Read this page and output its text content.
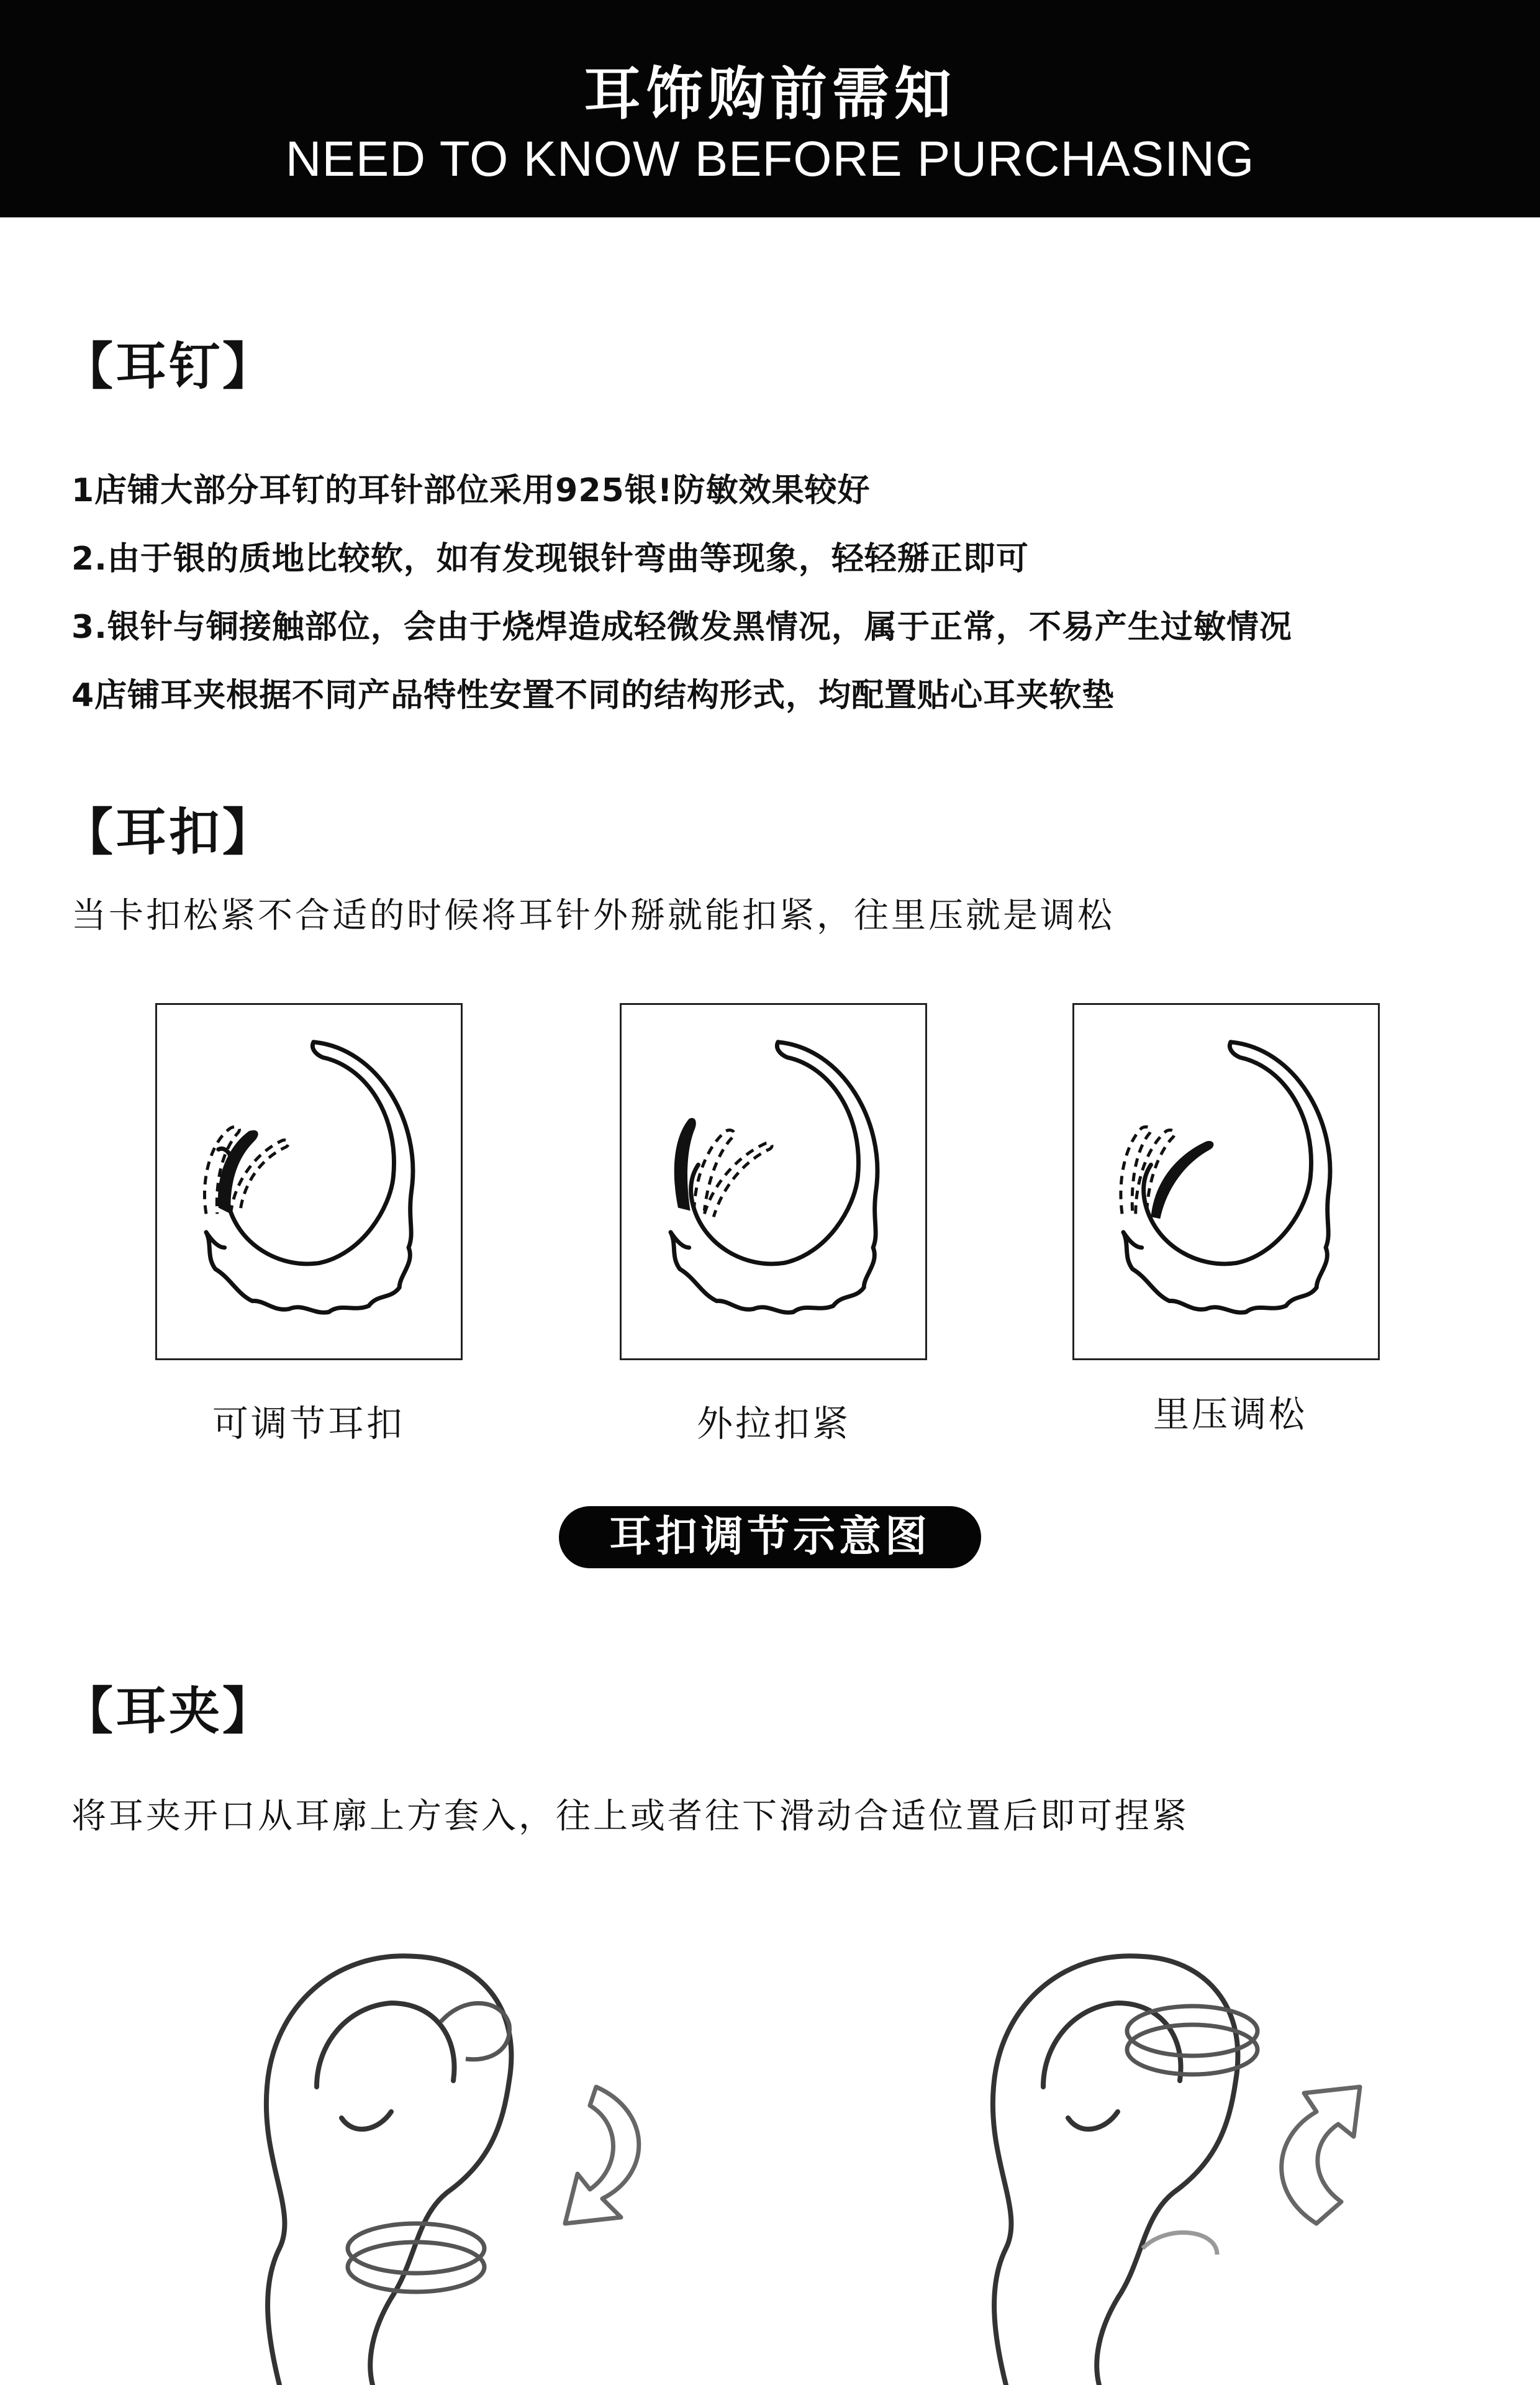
耳饰购前需知
NEED TO KNOW BEFORE PURCHASING
【耳钉】
1店铺大部分耳钉的耳针部位采用925银!防敏效果较好
2.由于银的质地比较软，如有发现银针弯曲等现象，轻轻掰正即可
3.银针与铜接触部位，会由于烧焊造成轻微发黑情况，属于正常，不易产生过敏情况
4店铺耳夹根据不同产品特性安置不同的结构形式，均配置贴心耳夹软垫
【耳扣】
当卡扣松紧不合适的时候将耳针外掰就能扣紧，往里压就是调松
可调节耳扣	外拉扣紧	里压调松
耳扣调节示意图
【耳夹】
将耳夹开口从耳廓上方套入，往上或者往下滑动合适位置后即可捏紧
